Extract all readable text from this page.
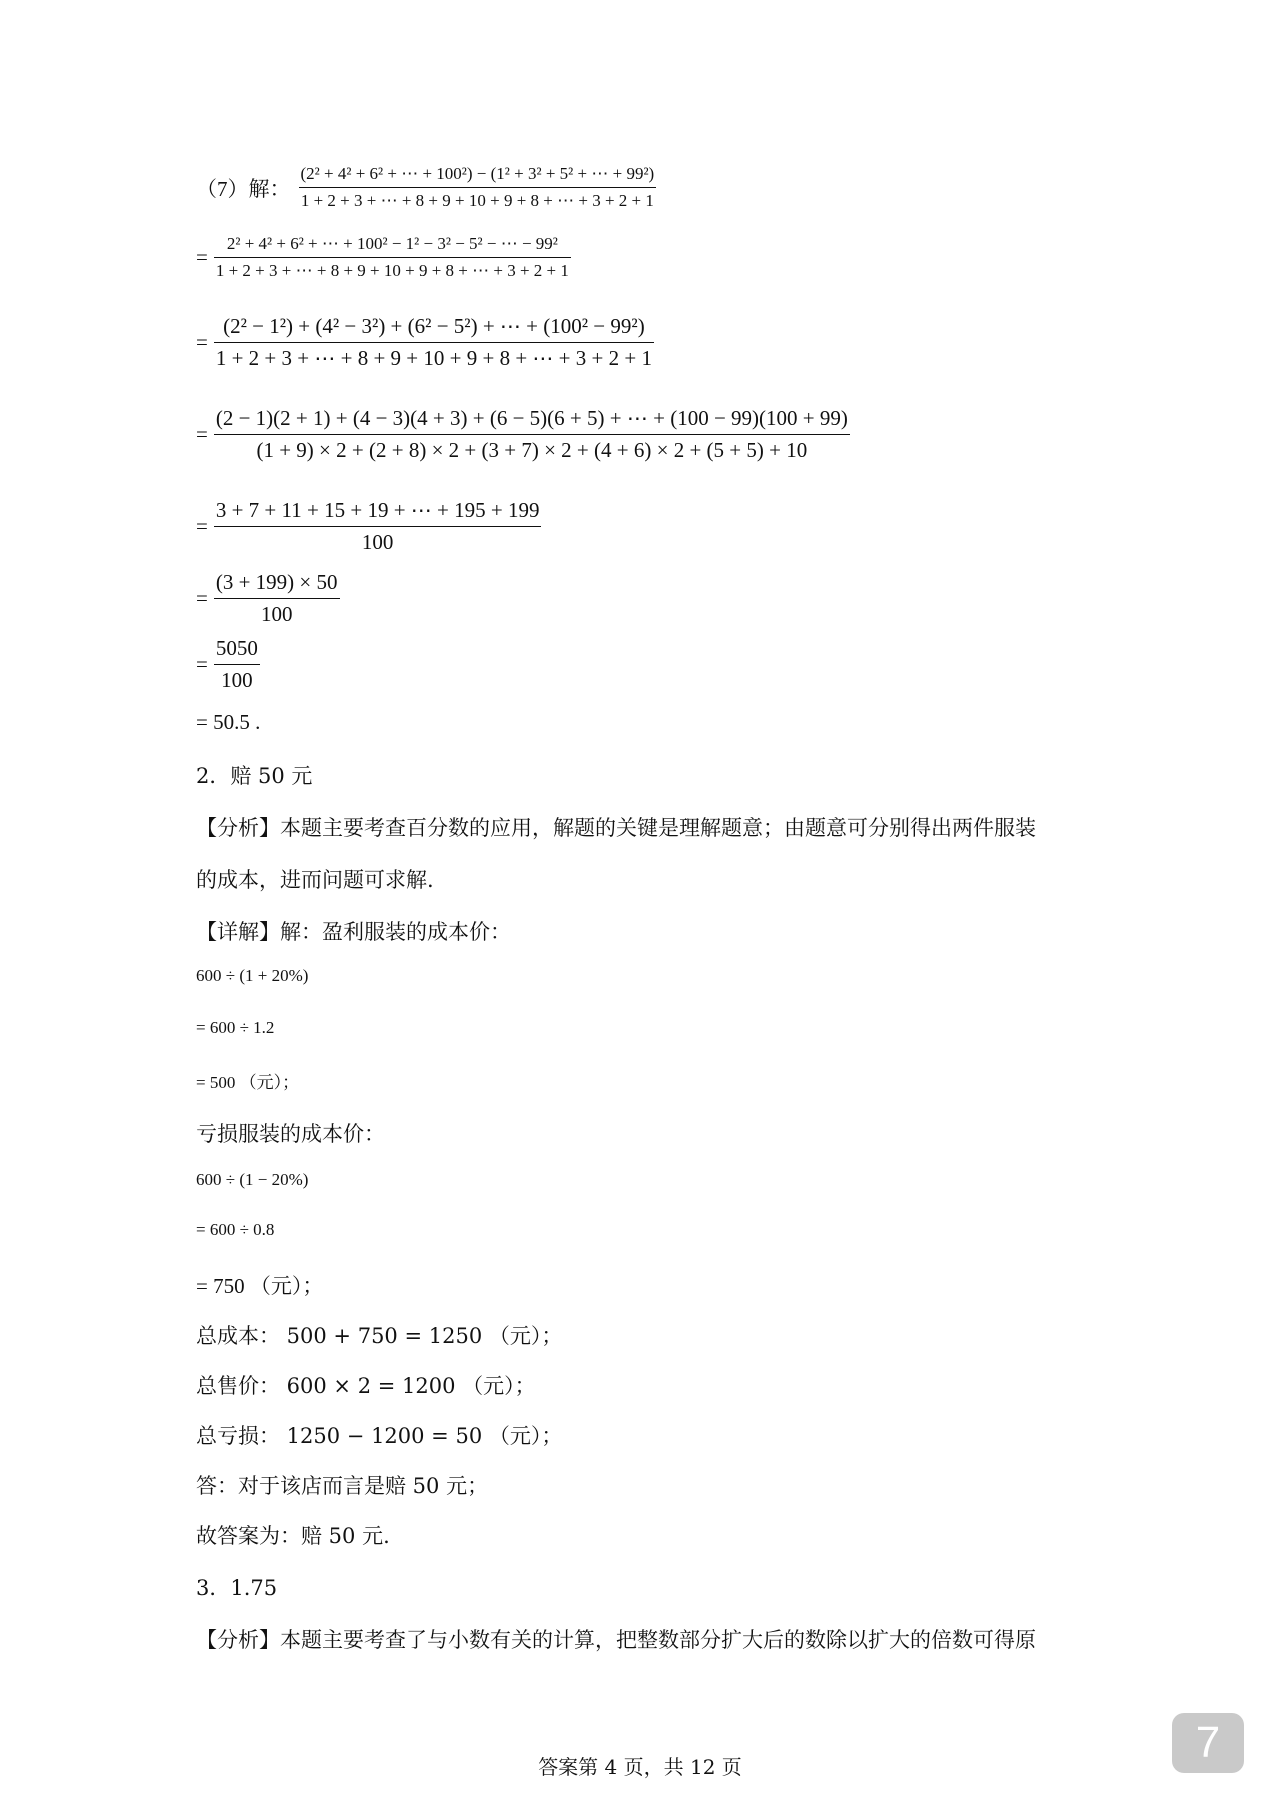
（7）解： $\frac{\text{(2² + 4² + 6² + ⋯ + 100²) − (1² + 3² + 5² + ⋯ + 99²)}}{1 + 2 + 3 + \cdots + 8 + 9 + 10 + 9 + 8 + \cdots + 3 + 2 + 1}$
= $\frac{\text{2² + 4² + 6² + ⋯ + 100² − 1² − 3² − 5² − ⋯ − 99²}}{1 + 2 + 3 + \cdots + 8 + 9 + 10 + 9 + 8 + \cdots + 3 + 2 + 1}$
= $\frac{\text{(2² − 1²) + (4² − 3²) + (6² − 5²) + ⋯ + (100² − 99²)}}{1 + 2 + 3 + \cdots + 8 + 9 + 10 + 9 + 8 + \cdots + 3 + 2 + 1}$
=
(2 − 1)(2 + 1) + (4 − 3)(4 + 3) + (6 − 5)(6 + 5) + ⋯ + (100 − 99)(100 + 99)
(1 + 9) × 2 + (2 + 8) × 2 + (3 + 7) × 2 + (4 + 6) × 2 + (5 + 5) + 10
= $\frac{3 + 7 + 11 + 15 + 19 + \cdots + 195 + 199}{100}$
= $\frac{(3 + 199) \times 50}{100}$
= $\frac{5050}{100}$
= 50.5 .
2．赔 50 元
【分析】本题主要考查百分数的应用，解题的关键是理解题意；由题意可分别得出两件服装
的成本，进而问题可求解.
【详解】解：盈利服装的成本价：
600 ÷ (1 + 20%)
= 600 ÷ 1.2
= 500 （元）；
亏损服装的成本价：
600 ÷ (1 − 20%)
= 600 ÷ 0.8
= 750 （元）；
总成本： 500 + 750 = 1250 （元）；
总售价： 600 × 2 = 1200 （元）；
总亏损： 1250 − 1200 = 50 （元）；
答：对于该店而言是赔 50 元；
故答案为：赔 50 元.
3．1.75
【分析】本题主要考查了与小数有关的计算，把整数部分扩大后的数除以扩大的倍数可得原
答案第 4 页，共 12 页	7
